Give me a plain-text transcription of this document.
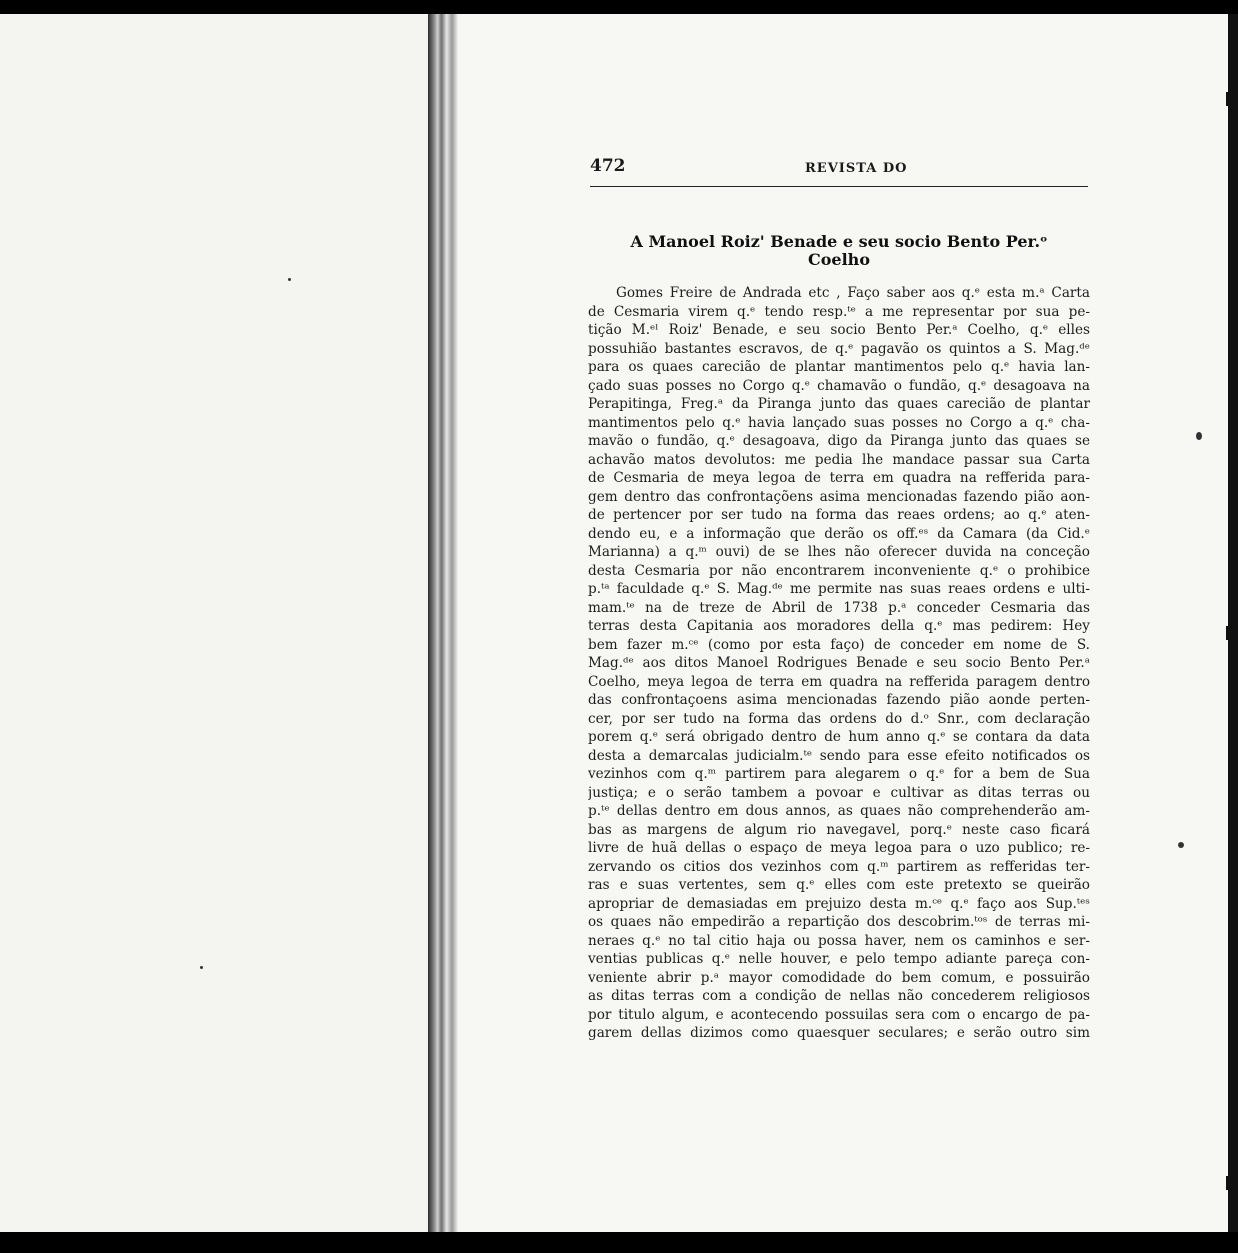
472	REVISTA DO
A Manoel Roiz' Benade e seu socio Bento Per.ᵒ
Coelho
Gomes Freire de Andrada etc , Faço saber aos q.ᵉ esta m.ᵃ Carta
de Cesmaria virem q.ᵉ tendo resp.ᵗᵉ a me representar por sua pe-
tição M.ᵉˡ Roiz' Benade, e seu socio Bento Per.ᵃ Coelho, q.ᵉ elles
possuhião bastantes escravos, de q.ᵉ pagavão os quintos a S. Mag.ᵈᵉ
para os quaes carecião de plantar mantimentos pelo q.ᵉ havia lan-
çado suas posses no Corgo q.ᵉ chamavão o fundão, q.ᵉ desagoava na
Perapitinga, Freg.ᵃ da Piranga junto das quaes carecião de plantar
mantimentos pelo q.ᵉ havia lançado suas posses no Corgo a q.ᵉ cha-
mavão o fundão, q.ᵉ desagoava, digo da Piranga junto das quaes se
achavão matos devolutos: me pedia lhe mandace passar sua Carta
de Cesmaria de meya legoa de terra em quadra na refferida para-
gem dentro das confrontaçõens asima mencionadas fazendo pião aon-
de pertencer por ser tudo na forma das reaes ordens; ao q.ᵉ aten-
dendo eu, e a informação que derão os off.ᵉˢ da Camara (da Cid.ᵉ
Marianna) a q.ᵐ ouvi) de se lhes não oferecer duvida na conceção
desta Cesmaria por não encontrarem inconveniente q.ᵉ o prohibice
p.ᵗᵃ faculdade q.ᵉ S. Mag.ᵈᵉ me permite nas suas reaes ordens e ulti-
mam.ᵗᵉ na de treze de Abril de 1738 p.ᵃ conceder Cesmaria das
terras desta Capitania aos moradores della q.ᵉ mas pedirem: Hey
bem fazer m.ᶜᵉ (como por esta faço) de conceder em nome de S.
Mag.ᵈᵉ aos ditos Manoel Rodrigues Benade e seu socio Bento Per.ᵃ
Coelho, meya legoa de terra em quadra na refferida paragem dentro
das confrontaçoens asima mencionadas fazendo pião aonde perten-
cer, por ser tudo na forma das ordens do d.ᵒ Snr., com declaração
porem q.ᵉ será obrigado dentro de hum anno q.ᵉ se contara da data
desta a demarcalas judicialm.ᵗᵉ sendo para esse efeito notificados os
vezinhos com q.ᵐ partirem para alegarem o q.ᵉ for a bem de Sua
justiça; e o serão tambem a povoar e cultivar as ditas terras ou
p.ᵗᵉ dellas dentro em dous annos, as quaes não comprehenderão am-
bas as margens de algum rio navegavel, porq.ᵉ neste caso ficará
livre de huã dellas o espaço de meya legoa para o uzo publico; re-
zervando os citios dos vezinhos com q.ᵐ partirem as refferidas ter-
ras e suas vertentes, sem q.ᵉ elles com este pretexto se queirão
apropriar de demasiadas em prejuizo desta m.ᶜᵉ q.ᵉ faço aos Sup.ᵗᵉˢ
os quaes não empedirão a repartição dos descobrim.ᵗᵒˢ de terras mi-
neraes q.ᵉ no tal citio haja ou possa haver, nem os caminhos e ser-
ventias publicas q.ᵉ nelle houver, e pelo tempo adiante pareça con-
veniente abrir p.ᵃ mayor comodidade do bem comum, e possuirão
as ditas terras com a condição de nellas não concederem religiosos
por titulo algum, e acontecendo possuilas sera com o encargo de pa-
garem dellas dizimos como quaesquer seculares; e serão outro sim
